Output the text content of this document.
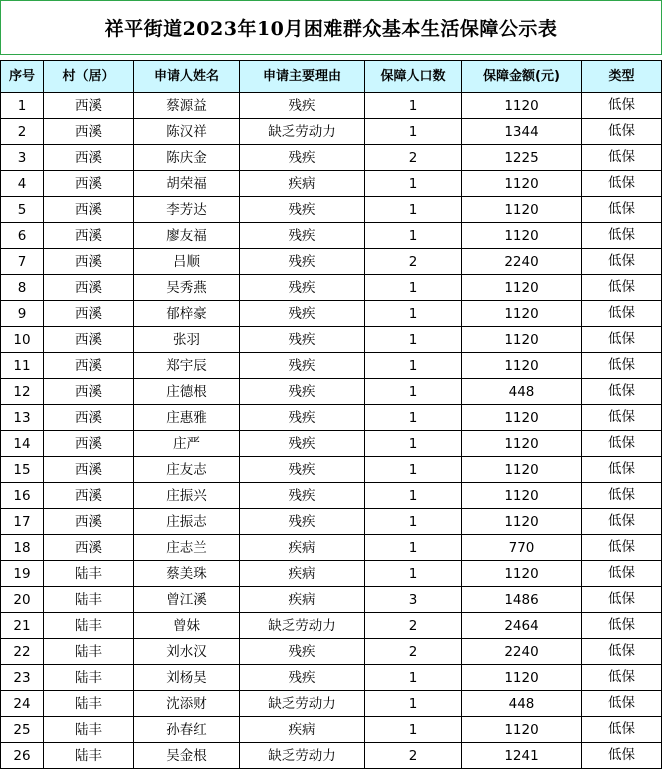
祥平街道2023年10月困难群众基本生活保障公示表
序号	村（居）	申请人姓名	申请主要理由	保障人口数	保障金额(元)	类型
1	西溪	蔡源益	残疾	1	1120	低保
2	西溪	陈汉祥	缺乏劳动力	1	1344	低保
3	西溪	陈庆金	残疾	2	1225	低保
4	西溪	胡荣福	疾病	1	1120	低保
5	西溪	李芳达	残疾	1	1120	低保
6	西溪	廖友福	残疾	1	1120	低保
7	西溪	吕顺	残疾	2	2240	低保
8	西溪	吴秀燕	残疾	1	1120	低保
9	西溪	郁梓豪	残疾	1	1120	低保
10	西溪	张羽	残疾	1	1120	低保
11	西溪	郑宇辰	残疾	1	1120	低保
12	西溪	庄德根	残疾	1	448	低保
13	西溪	庄惠雅	残疾	1	1120	低保
14	西溪	庄严	残疾	1	1120	低保
15	西溪	庄友志	残疾	1	1120	低保
16	西溪	庄振兴	残疾	1	1120	低保
17	西溪	庄振志	残疾	1	1120	低保
18	西溪	庄志兰	疾病	1	770	低保
19	陆丰	蔡美珠	疾病	1	1120	低保
20	陆丰	曾江溪	疾病	3	1486	低保
21	陆丰	曾妹	缺乏劳动力	2	2464	低保
22	陆丰	刘水汉	残疾	2	2240	低保
23	陆丰	刘杨昊	残疾	1	1120	低保
24	陆丰	沈添财	缺乏劳动力	1	448	低保
25	陆丰	孙春红	疾病	1	1120	低保
26	陆丰	吴金根	缺乏劳动力	2	1241	低保
